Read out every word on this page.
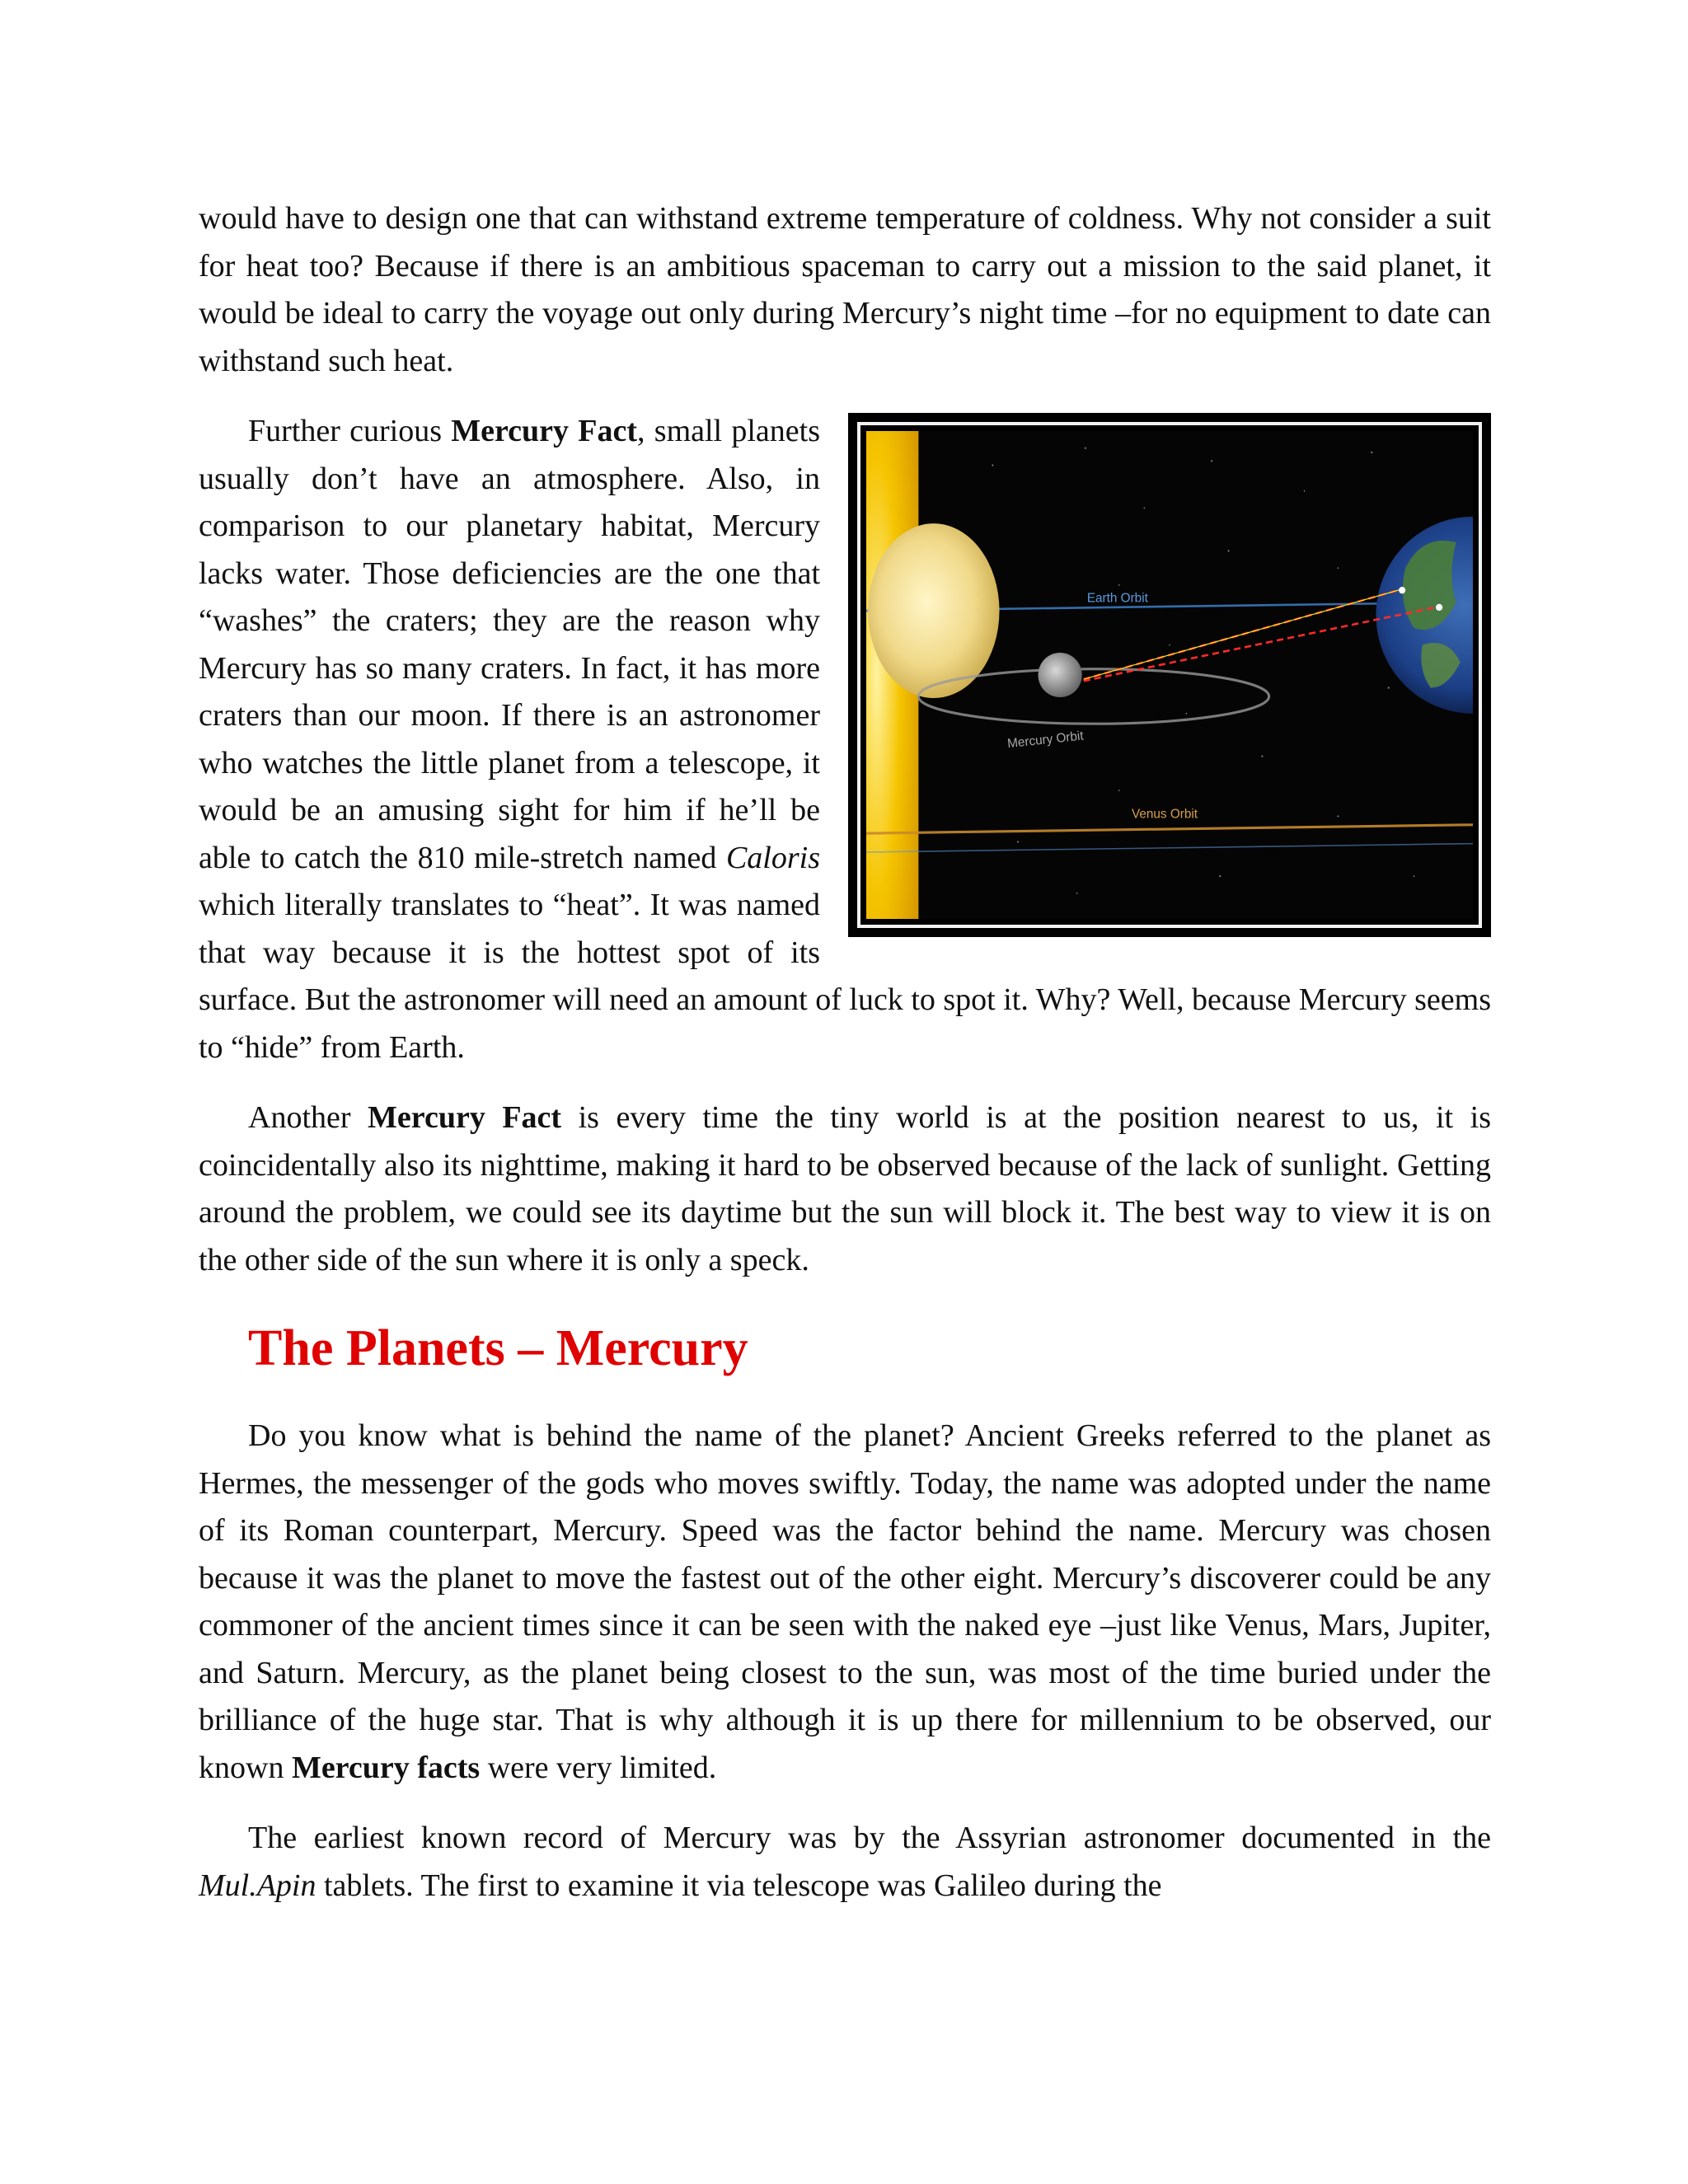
would have to design one that can withstand extreme temperature of coldness. Why not consider a suit for heat too? Because if there is an ambitious spaceman to carry out a mission to the said planet, it would be ideal to carry the voyage out only during Mercury’s night time –for no equipment to date can withstand such heat.

Earth Orbit
Mercury Orbit
Venus Orbit

Further curious Mercury Fact, small planets usually don’t have an atmosphere. Also, in comparison to our planetary habitat, Mercury lacks water. Those deficiencies are the one that “washes” the craters; they are the reason why Mercury has so many craters. In fact, it has more craters than our moon. If there is an astronomer who watches the little planet from a telescope, it would be an amusing sight for him if he’ll be able to catch the 810 mile-stretch named Caloris which literally translates to “heat”. It was named that way because it is the hottest spot of its surface. But the astronomer will need an amount of luck to spot it. Why? Well, because Mercury seems to “hide” from Earth.

Another Mercury Fact is every time the tiny world is at the position nearest to us, it is coincidentally also its nighttime, making it hard to be observed because of the lack of sunlight. Getting around the problem, we could see its daytime but the sun will block it. The best way to view it is on the other side of the sun where it is only a speck.

The Planets – Mercury

Do you know what is behind the name of the planet? Ancient Greeks referred to the planet as Hermes, the messenger of the gods who moves swiftly. Today, the name was adopted under the name of its Roman counterpart, Mercury. Speed was the factor behind the name. Mercury was chosen because it was the planet to move the fastest out of the other eight. Mercury’s discoverer could be any commoner of the ancient times since it can be seen with the naked eye –just like Venus, Mars, Jupiter, and Saturn. Mercury, as the planet being closest to the sun, was most of the time buried under the brilliance of the huge star. That is why although it is up there for millennium to be observed, our known Mercury facts were very limited.

The earliest known record of Mercury was by the Assyrian astronomer documented in the Mul.Apin tablets. The first to examine it via telescope was Galileo during the
